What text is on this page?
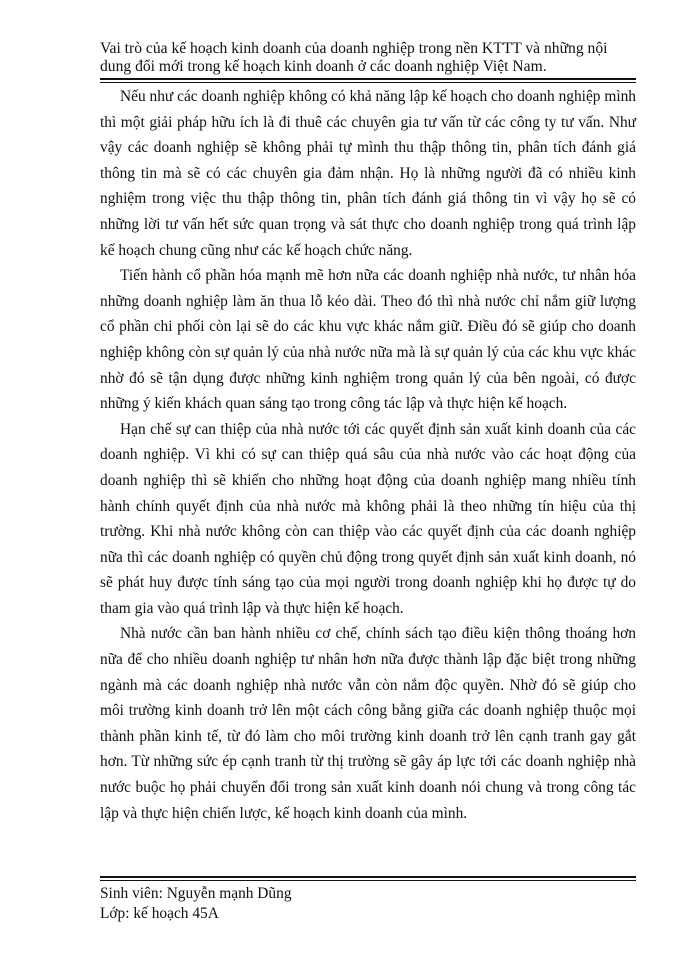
Vai trò của kế hoạch kinh doanh của doanh nghiệp trong nền KTTT và những nội dung đổi mới trong kế hoạch kinh doanh ở các doanh nghiệp Việt Nam.

Nếu như các doanh nghiệp không có khả năng lập kế hoạch cho doanh nghiệp mình thì một giải pháp hữu ích là đi thuê các chuyên gia tư vấn từ các công ty tư vấn. Như vậy các doanh nghiệp sẽ không phải tự mình thu thập thông tin, phân tích đánh giá thông tin mà sẽ có các chuyên gia đảm nhận. Họ là những người đã có nhiều kinh nghiệm trong việc thu thập thông tin, phân tích đánh giá thông tin vì vậy họ sẽ có những lời tư vấn hết sức quan trọng và sát thực cho doanh nghiệp trong quá trình lập kế hoạch chung cũng như các kế hoạch chức năng.

Tiến hành cổ phần hóa mạnh mẽ hơn nữa các doanh nghiệp nhà nước, tư nhân hóa những doanh nghiệp làm ăn thua lỗ kéo dài. Theo đó thì nhà nước chỉ nắm giữ lượng cổ phần chi phối còn lại sẽ do các khu vực khác nắm giữ. Điều đó sẽ giúp cho doanh nghiệp không còn sự quản lý của nhà nước nữa mà là sự quản lý của các khu vực khác nhờ đó sẽ tận dụng được những kinh nghiệm trong quản lý của bên ngoài, có được những ý kiến khách quan sáng tạo trong công tác lập và thực hiện kế hoạch.

Hạn chế sự can thiệp của nhà nước tới các quyết định sản xuất kinh doanh của các doanh nghiệp. Vì khi có sự can thiệp quá sâu của nhà nước vào các hoạt động của doanh nghiệp thì sẽ khiến cho những hoạt động của doanh nghiệp mang nhiều tính hành chính quyết định của nhà nước mà không phải là theo những tín hiệu của thị trường. Khi nhà nước không còn can thiệp vào các quyết định của các doanh nghiệp nữa thì các doanh nghiệp có quyền chủ động trong quyết định sản xuất kinh doanh, nó sẽ phát huy được tính sáng tạo của mọi người trong doanh nghiệp khi họ được tự do tham gia vào quá trình lập và thực hiện kế hoạch.

Nhà nước cần ban hành nhiều cơ chế, chính sách tạo điều kiện thông thoáng hơn nữa để cho nhiều doanh nghiệp tư nhân hơn nữa được thành lập đặc biệt trong những ngành mà các doanh nghiệp nhà nước vẫn còn nắm độc quyền. Nhờ đó sẽ giúp cho môi trường kinh doanh trở lên một cách công bằng giữa các doanh nghiệp thuộc mọi thành phần kinh tế, từ đó làm cho môi trường kinh doanh trở lên cạnh tranh gay gắt hơn. Từ những sức ép cạnh tranh từ thị trường sẽ gây áp lực tới các doanh nghiệp nhà nước buộc họ phải chuyển đổi trong sản xuất kinh doanh nói chung và trong công tác lập và thực hiện chiến lược, kế hoạch kinh doanh của mình.

Sinh viên: Nguyễn mạnh Dũng

Lớp: kế hoạch 45A
